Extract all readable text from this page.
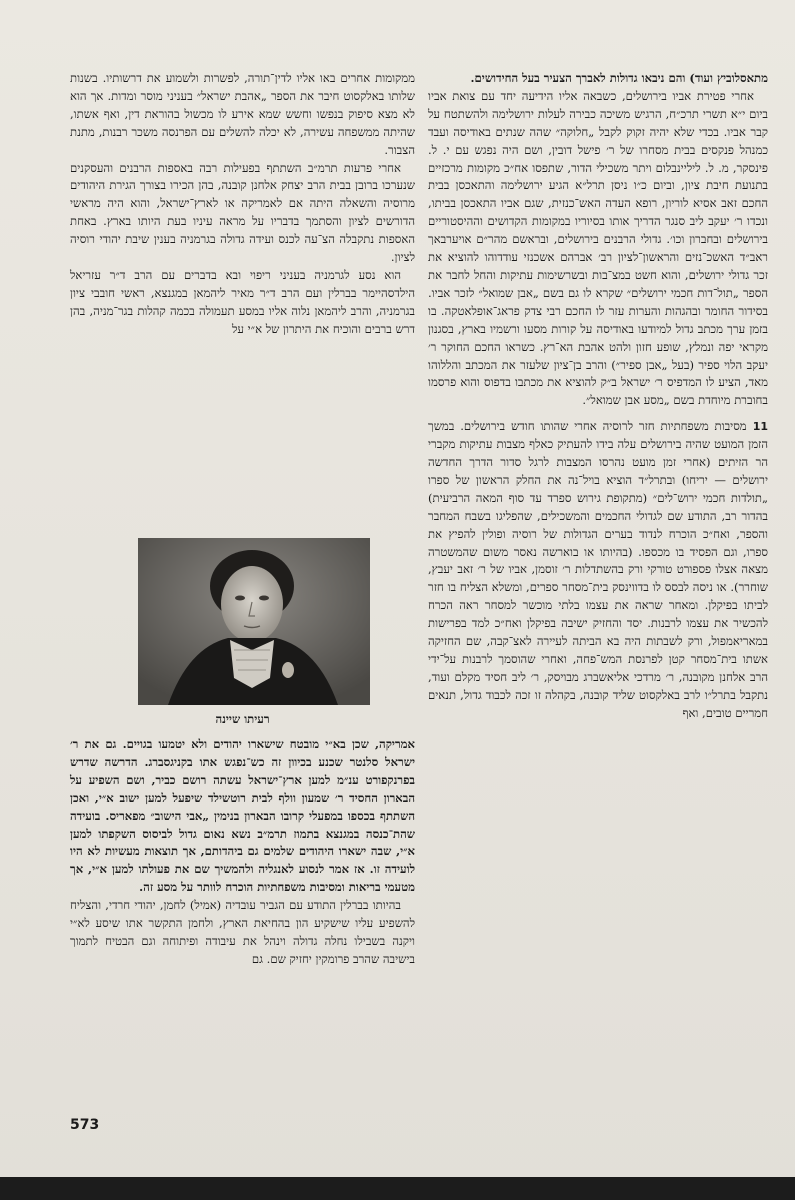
מתאסלוביץ ועוד) והם ניבאו גדולות לאברך הצעיר בעל החידושים.

אחרי פטירת אביו בירושלים, כשבאה אליו הידיעה יחד עם צואת אביו ביום י״א תשרי תרכ״ח, הרגיש משיכה כבירה לעלות ירושלימה ולהשתטח על קבר אביו. בכדי שלא יהיה זקוק לקבל „חלוקה״ שהה שנתים באודיסה ועבד כמנהל פנקסים בבית מסחרו של ר׳ פישל דובין, ושם היה נפגש עם י. ל. פינסקר, מ. ל. ליליינבלום ויתר משכילי הדור, שתפסו אח״כ מקומות מרכזיים בתנועת חיבת ציון, וביום כ״ו ניסן תרל״א הגיע ירושלימה והתאכסן בבית החכם זאב אסיא לוריון, רופא העדה האש־כנזית, שגם אביו התאכסן בביתו, ונכדו ר׳ יעקב ליב סנגר הדריך אותו בסיוריו במקומות הקדושים וההיסטוריים בירושלים ובחברון וכו׳. גדולי הרבנים בירושלים, ובראשם מהר״ם אויערבאך ראב״ד האשכ־נזים והראשון־לציון רב׳ אברהם אשכנזי עודדוהו להוציא את זכר גדולי ירושלים, והוא חשט במצ־בות ובשרשימות עתיקות והחל לחבר את הספר „תול־דות חכמי ירושלים״ שקרא לו גם בשם „אבן שמואל״ לזכר אביו. בסידור החומר ובהגהות והערות עזר לו החכם רבי צדק פראג־אופלאטקה. בו בזמן ערך מכתב גדול למיודעו באודיסה על קורות מסעו ורשמיו בארץ, בסגנון מקראי יפה ונמלץ, שופע חזון ולהט אהבת הא־רץ. כשראו החכם החוקר ר׳ יעקב הלוי ספיר (בעל „אבן ספיר״) והרב בן־ציון שלעזר את המכתב והללוהו מאד, הציע לו המדפיס ר׳ ישראל ב״ק להוציא את מכתבו בדפוס והוא פרסמו בחוברת מיוחדת בשם „מסע אבן שמואל״.

11מסיבות משפחתיות חזר לרוסיה אחרי שהותו חודש בירושלים. במשך הזמן המועט שהיה בירושלים עלה בידו להעתיק כאלף מצבות עתיקות מקברי הר הזיתים (אחרי זמן מועט נהרסו המצבות לרגל סדור הדרך החדשה ירושלים — יריחו) ובתרל״ד הוציא בויל־נה את החלק הראשון של ספרו „תולדות חכמי ירוש־לים״ (מתקופת גירוש ספרד עד סוף המאה הרביעית) בהדור רב, התודע שם לגדולי החכמים והמשכילים, שהפליגו בשבח המחבר והספר, ואח״כ הוכרח לנדוד בערים הגדולות של רוסיה ופולין להפיץ את ספרו, וגם הפסיד בו מכספו. (בהיותו או בוארשה נאסר משום שהמשטרה מצאה אצלו פספורט טורקי ורק בהשתדלות ר׳ זוסמן, אביו של ר׳ זאב יעבץ, שוחרר). או ניסה לבסס לו בדווינסק בית־מסחר ספרים, ומשלא הצליח בו חזר לביתו בפיקלן. ומאחר שראה את עצמו בלתי מוכשר למסחר ראה הכרח להכשיר את עצמו לרבנות. יסד והחזיק ישיבה בפיקלן ואח״כ למד בפרישות במאריאמפול, ורק לשבתות היה בא הביתה לעיירה לאצ־קבה, שם החזיקה אשתו בית־מסחר קטן לפרנסת המש־פחה, ואחרי שהוסמך לרבנות על־ידי הרב אלחנן מקובנה, ר׳ מרדכי אליאשברג מבויסק, ר׳ ליב חסיד מקלם ועוד, נתקבל בתרל״ו לרב באלקסוט שליד קובנה, בקהלה זו זכה לכבוד גדול, תנאים חמריים טובים, ואף

ממקומות אחרים באו אליו לדין־תורה, לפשרות ולשמוע את דרשותיו. בשנות שלותו באלקסוט חיבר את הספר „אהבת ישראל״ בעניני מוסר ומדות. אך הוא לא מצא סיפוק בנפשו וחשש שמא אירע לו מכשול בהוראת דין, ואף אשתו, שהיתה ממשפחה עשירה, לא יכלה להשלים עם הפרנסה משכר רבנות, מתנת הצבור.

אחרי פרעות תרמ״ב השתתף בפעילות רבה באספות הרבנים והעסקנים שנערכו ברובן בבית הרב יצחק אלחנן קובנה, בהן הכירו בצורך הגירת היהודים מרוסיה והשאלה היתה אם לאמריקה או לארץ־ישראל, והוא היה מראשי הדורשים לציון והסתמך בדבריו על מראה עיניו בעת היותו בארץ. באחת האספות נתקבלה הצ־עה לכנס ועידה גדולה בגרמניה בענין שיבת יהודי רוסיה לציון.

הוא נסע לגרמניה בעניני ריפוי ובא בדברים עם הרב ד״ר עזריאל הילדסהיימר בברלין ועם הרב ד״ר מאיר ליהמאן במגנצא, ראשי חובבי ציון בגרמניה, והרב ליהמאן נלוה אליו במסע תעמולה בכמה קהלות בגר־מניה, בהן דרש ברבים והוכיח את היתרון של א״י על

רעיתו שיינה

אמריקה, שכן בא״י מובטח שישארו יהודים ולא יטמעו בגויים. גם את ר׳ ישראל סלנטר שכנע בכיוון זה כש־נפגש אתו בקניגסברג. הדרשה שדרש בפרנקפורט ענ״מ למען ארץ־ישראל עשתה רושם כביר, ושם השפיע על הבארון החסיד ר׳ שמעון וולף לבית רוטשילד שיפעל למען ישוב א״י, ואכן השתתף בכספו במפעלי קרובו הבארון בנימין „אבי הישוב״ מפאריס. בועידה שהת־כנסה במגנצא בתמוז תרמ״ב נשא נאום גדול לביסוס השקפתו למען א״י, שבה ישארו היהודים שלמים גם ביהדותם, אך תוצאות מעשיות לא היו לועידה זו. אז אמר לנסוע לאנגליה ולהמשיך שם את פעולתו למען א״י, אך מטעמי בריאות ומסיבות משפחתיות הוכרח לוותר על מסע זה.

בהיותו בברלין התודע עם הגביר עובדיה (אמיל) לחמן, יהודי חרדי, והצליח להשפיע עליו שישקיע הון בהחיאת הארץ, ולחמן התקשר אתו שיסע לא״י ויקנה בשבילו נחלה גדולה וינהל את עיבודה ופיתוחה וגם הבטיח לתמוך בישיבה שהרב פרומקין יחזיק שם. גם

573
